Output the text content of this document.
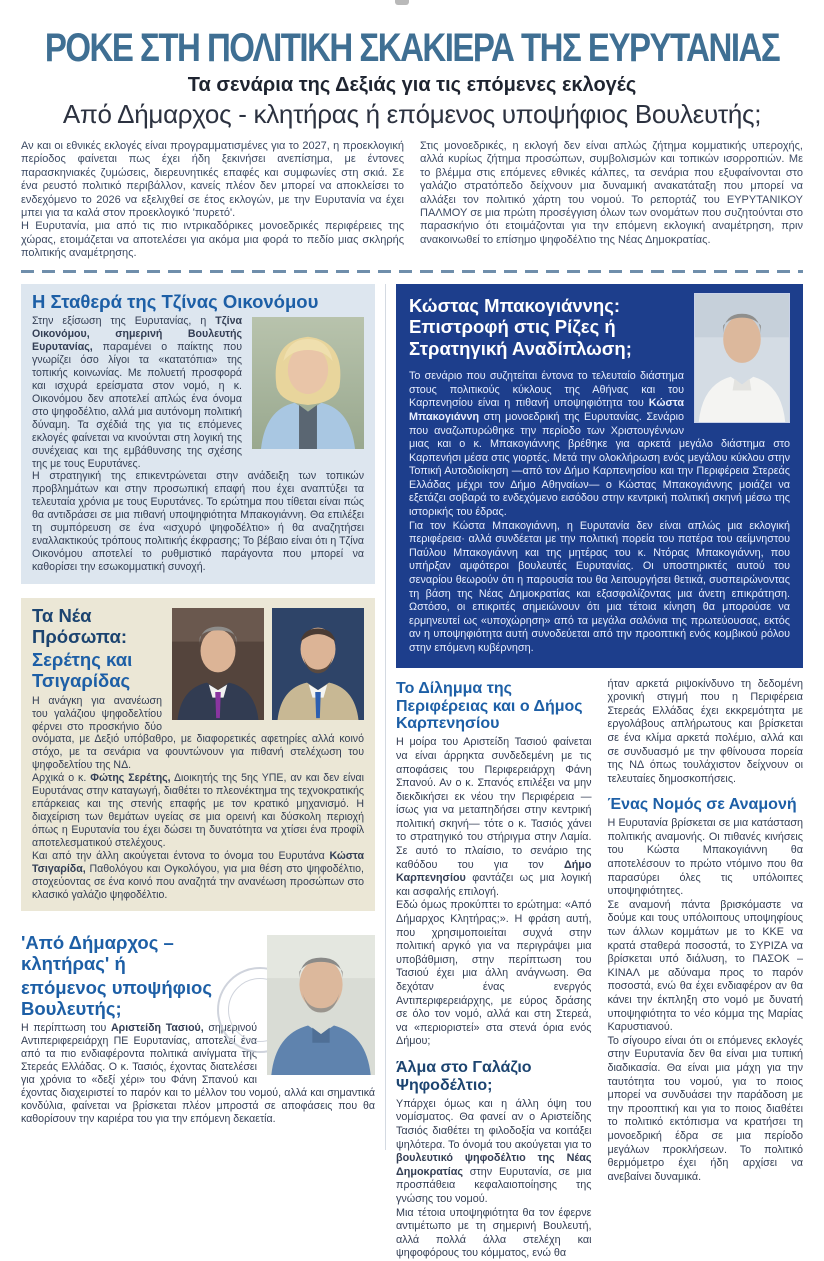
ΡΟΚΕ ΣΤΗ ΠΟΛΙΤΙΚΗ ΣΚΑΚΙΕΡΑ ΤΗΣ ΕΥΡΥΤΑΝΙΑΣ
Τα σενάρια της Δεξιάς για τις επόμενες εκλογές
Από Δήμαρχος - κλητήρας ή επόμενος υποψήφιος Βουλευτής;

Αν και οι εθνικές εκλογές είναι προγραμματισμένες για το 2027, η προεκλογική περίοδος φαίνεται πως έχει ήδη ξεκινήσει ανεπίσημα, με έντονες παρασκηνιακές ζυμώσεις, διερευνητικές επαφές και συμφωνίες στη σκιά. Σε ένα ρευστό πολιτικό περιβάλλον, κανείς πλέον δεν μπορεί να αποκλείσει το ενδεχόμενο το 2026 να εξελιχθεί σε έτος εκλογών, με την Ευρυτανία να έχει μπει για τα καλά στον προεκλογικό 'πυρετό'.

Η Ευρυτανία, μια από τις πιο ιντρικαδόρικες μονοεδρικές περιφέρειες της χώρας, ετοιμάζεται να αποτελέσει για ακόμα μια φορά το πεδίο μιας σκληρής πολιτικής αναμέτρησης.

Στις μονοεδρικές, η εκλογή δεν είναι απλώς ζήτημα κομματικής υπεροχής, αλλά κυρίως ζήτημα προσώπων, συμβολισμών και τοπικών ισορροπιών. Με το βλέμμα στις επόμενες εθνικές κάλπες, τα σενάρια που εξυφαίνονται στο γαλάζιο στρατόπεδο δείχνουν μια δυναμική ανακατάταξη που μπορεί να αλλάξει τον πολιτικό χάρτη του νομού. Το ρεπορτάζ του ΕΥΡΥΤΑΝΙΚΟΥ ΠΑΛΜΟΥ σε μια πρώτη προσέγγιση όλων των ονομάτων που συζητούνται στο παρασκήνιο ότι ετοιμάζονται για την επόμενη εκλογική αναμέτρηση, πριν ανακοινωθεί το επίσημο ψηφοδέλτιο της Νέας Δημοκρατίας.

Η Σταθερά της Τζίνας Οικονόμου

Στην εξίσωση της Ευρυτανίας, η Τζίνα Οικονόμου, σημερινή Βουλευτής Ευρυτανίας, παραμένει ο παίκτης που γνωρίζει όσο λίγοι τα «κατατόπια» της τοπικής κοινωνίας. Με πολυετή προσφορά και ισχυρά ερείσματα στον νομό, η κ. Οικονόμου δεν αποτελεί απλώς ένα όνομα στο ψηφοδέλτιο, αλλά μια αυτόνομη πολιτική δύναμη. Τα σχέδιά της για τις επόμενες εκλογές φαίνεται να κινούνται στη λογική της συνέχειας και της εμβάθυνσης της σχέσης της με τους Ευρυτάνες.

Η στρατηγική της επικεντρώνεται στην ανάδειξη των τοπικών προβλημάτων και στην προσωπική επαφή που έχει αναπτύξει τα τελευταία χρόνια με τους Ευρυτάνες. Το ερώτημα που τίθεται είναι πώς θα αντιδράσει σε μια πιθανή υποψηφιότητα Μπακογιάννη. Θα επιλέξει τη συμπόρευση σε ένα «ισχυρό ψηφοδέλτιο» ή θα αναζητήσει εναλλακτικούς τρόπους πολιτικής έκφρασης; Το βέβαιο είναι ότι η Τζίνα Οικονόμου αποτελεί το ρυθμιστικό παράγοντα που μπορεί να καθορίσει την εσωκομματική συνοχή.

Τα Νέα Πρόσωπα:
Σερέτης και Τσιγαρίδας

Η ανάγκη για ανανέωση του γαλάζιου ψηφοδελτίου φέρνει στο προσκήνιο δύο ονόματα, με Δεξιό υπόβαθρο, με διαφορετικές αφετηρίες αλλά κοινό στόχο, με τα σενάρια να φουντώνουν για πιθανή στελέχωση του ψηφοδελτίου της ΝΔ.

Αρχικά ο κ. Φώτης Σερέτης, Διοικητής της 5ης ΥΠΕ, αν και δεν είναι Ευρυτάνας στην καταγωγή, διαθέτει το πλεονέκτημα της τεχνοκρατικής επάρκειας και της στενής επαφής με τον κρατικό μηχανισμό. Η διαχείριση των θεμάτων υγείας σε μια ορεινή και δύσκολη περιοχή όπως η Ευρυτανία του έχει δώσει τη δυνατότητα να χτίσει ένα προφίλ αποτελεσματικού στελέχους.

Και από την άλλη ακούγεται έντονα το όνομα του Ευρυτάνα Κώστα Τσιγαρίδα, Παθολόγου και Ογκολόγου, για μια θέση στο ψηφοδέλτιο, στοχεύοντας σε ένα κοινό που αναζητά την ανανέωση προσώπων στο κλασικό γαλάζιο ψηφοδέλτιο.

'Από Δήμαρχος – κλητήρας' ή
επόμενος υποψήφιος Βουλευτής;

Η περίπτωση του Αριστείδη Τασιού, σημερινού Αντιπεριφερειάρχη ΠΕ Ευρυτανίας, αποτελεί ένα από τα πιο ενδιαφέροντα πολιτικά αινίγματα της Στερεάς Ελλάδας. Ο κ. Τασιός, έχοντας διατελέσει για χρόνια το «δεξί χέρι» του Φάνη Σπανού και έχοντας διαχειριστεί το παρόν και το μέλλον του νομού, αλλά και σημαντικά κονδύλια, φαίνεται να βρίσκεται πλέον μπροστά σε αποφάσεις που θα καθορίσουν την καριέρα του για την επόμενη δεκαετία.

Κώστας Μπακογιάννης: Επιστροφή στις Ρίζες ή Στρατηγική Αναδίπλωση;

Το σενάριο που συζητείται έντονα το τελευταίο διάστημα στους πολιτικούς κύκλους της Αθήνας και του Καρπενησίου είναι η πιθανή υποψηφιότητα του Κώστα Μπακογιάννη στη μονοεδρική της Ευρυτανίας. Σενάριο που αναζωπυρώθηκε την περίοδο των Χριστουγέννων μιας και ο κ. Μπακογιάννης βρέθηκε για αρκετά μεγάλο διάστημα στο Καρπενήσι μέσα στις γιορτές. Μετά την ολοκλήρωση ενός μεγάλου κύκλου στην Τοπική Αυτοδιοίκηση —από τον Δήμο Καρπενησίου και την Περιφέρεια Στερεάς Ελλάδας μέχρι τον Δήμο Αθηναίων— ο Κώστας Μπακογιάννης μοιάζει να εξετάζει σοβαρά το ενδεχόμενο εισόδου στην κεντρική πολιτική σκηνή μέσω της ιστορικής του έδρας.

Για τον Κώστα Μπακογιάννη, η Ευρυτανία δεν είναι απλώς μια εκλογική περιφέρεια· αλλά συνδέεται με την πολιτική πορεία του πατέρα του αείμνηστου Παύλου Μπακογιάννη και της μητέρας του κ. Ντόρας Μπακογιάννη, που υπήρξαν αμφότεροι βουλευτές Ευρυτανίας. Οι υποστηρικτές αυτού του σεναρίου θεωρούν ότι η παρουσία του θα λειτουργήσει θετικά, συσπειρώνοντας τη βάση της Νέας Δημοκρατίας και εξασφαλίζοντας μια άνετη επικράτηση. Ωστόσο, οι επικριτές σημειώνουν ότι μια τέτοια κίνηση θα μπορούσε να ερμηνευτεί ως «υποχώρηση» από τα μεγάλα σαλόνια της πρωτεύουσας, εκτός αν η υποψηφιότητα αυτή συνοδεύεται από την προοπτική ενός κομβικού ρόλου στην επόμενη κυβέρνηση.

Το Δίλημμα της Περιφέρειας και ο Δήμος Καρπενησίου

Η μοίρα του Αριστείδη Τασιού φαίνεται να είναι άρρηκτα συνδεδεμένη με τις αποφάσεις του Περιφερειάρχη Φάνη Σπανού. Αν ο κ. Σπανός επιλέξει να μην διεκδικήσει εκ νέου την Περιφέρεια —ίσως για να μεταπηδήσει στην κεντρική πολιτική σκηνή— τότε ο κ. Τασιός χάνει το στρατηγικό του στήριγμα στην Λαμία. Σε αυτό το πλαίσιο, το σενάριο της καθόδου του για τον Δήμο Καρπενησίου φαντάζει ως μια λογική και ασφαλής επιλογή.

Εδώ όμως προκύπτει το ερώτημα: «Από Δήμαρχος Κλητήρας;». Η φράση αυτή, που χρησιμοποιείται συχνά στην πολιτική αργκό για να περιγράψει μια υποβάθμιση, στην περίπτωση του Τασιού έχει μια άλλη ανάγνωση. Θα δεχόταν ένας ενεργός Αντιπεριφερειάρχης, με εύρος δράσης σε όλο τον νομό, αλλά και στη Στερεά, να «περιοριστεί» στα στενά όρια ενός Δήμου;

Άλμα στο Γαλάζιο Ψηφοδέλτιο;

Υπάρχει όμως και η άλλη όψη του νομίσματος. Θα φανεί αν ο Αριστείδης Τασιός διαθέτει τη φιλοδοξία να κοιτάξει ψηλότερα. Το όνομά του ακούγεται για το βουλευτικό ψηφοδέλτιο της Νέας Δημοκρατίας στην Ευρυτανία, σε μια προσπάθεια κεφαλαιοποίησης της γνώσης του νομού.

Μια τέτοια υποψηφιότητα θα τον έφερνε αντιμέτωπο με τη σημερινή Βουλευτή, αλλά πολλά άλλα στελέχη και ψηφοφόρους του κόμματος, ενώ θα

ήταν αρκετά ριψοκίνδυνο τη δεδομένη χρονική στιγμή που η Περιφέρεια Στερεάς Ελλάδας έχει εκκρεμότητα με εργολάβους απλήρωτους και βρίσκεται σε ένα κλίμα αρκετά πολέμιο, αλλά και σε συνδυασμό με την φθίνουσα πορεία της ΝΔ όπως τουλάχιστον δείχνουν οι τελευταίες δημοσκοπήσεις.

Ένας Νομός σε Αναμονή

Η Ευρυτανία βρίσκεται σε μια κατάσταση πολιτικής αναμονής. Οι πιθανές κινήσεις του Κώστα Μπακογιάννη θα αποτελέσουν το πρώτο ντόμινο που θα παρασύρει όλες τις υπόλοιπες υποψηφιότητες.

Σε αναμονή πάντα βρισκόμαστε να δούμε και τους υπόλοιπους υποψηφίους των άλλων κομμάτων με το ΚΚΕ να κρατά σταθερά ποσοστά, το ΣΥΡΙΖΑ να βρίσκεται υπό διάλυση, το ΠΑΣΟΚ – ΚΙΝΑΛ με αδύναμα προς το παρόν ποσοστά, ενώ θα έχει ενδιαφέρον αν θα κάνει την έκπληξη στο νομό με δυνατή υποψηφιότητα το νέο κόμμα της Μαρίας Καρυστιανού.

Το σίγουρο είναι ότι οι επόμενες εκλογές στην Ευρυτανία δεν θα είναι μια τυπική διαδικασία. Θα είναι μια μάχη για την ταυτότητα του νομού, για το ποιος μπορεί να συνδυάσει την παράδοση με την προοπτική και για το ποιος διαθέτει το πολιτικό εκτόπισμα να κρατήσει τη μονοεδρική έδρα σε μια περίοδο μεγάλων προκλήσεων. Το πολιτικό θερμόμετρο έχει ήδη αρχίσει να ανεβαίνει δυναμικά.
